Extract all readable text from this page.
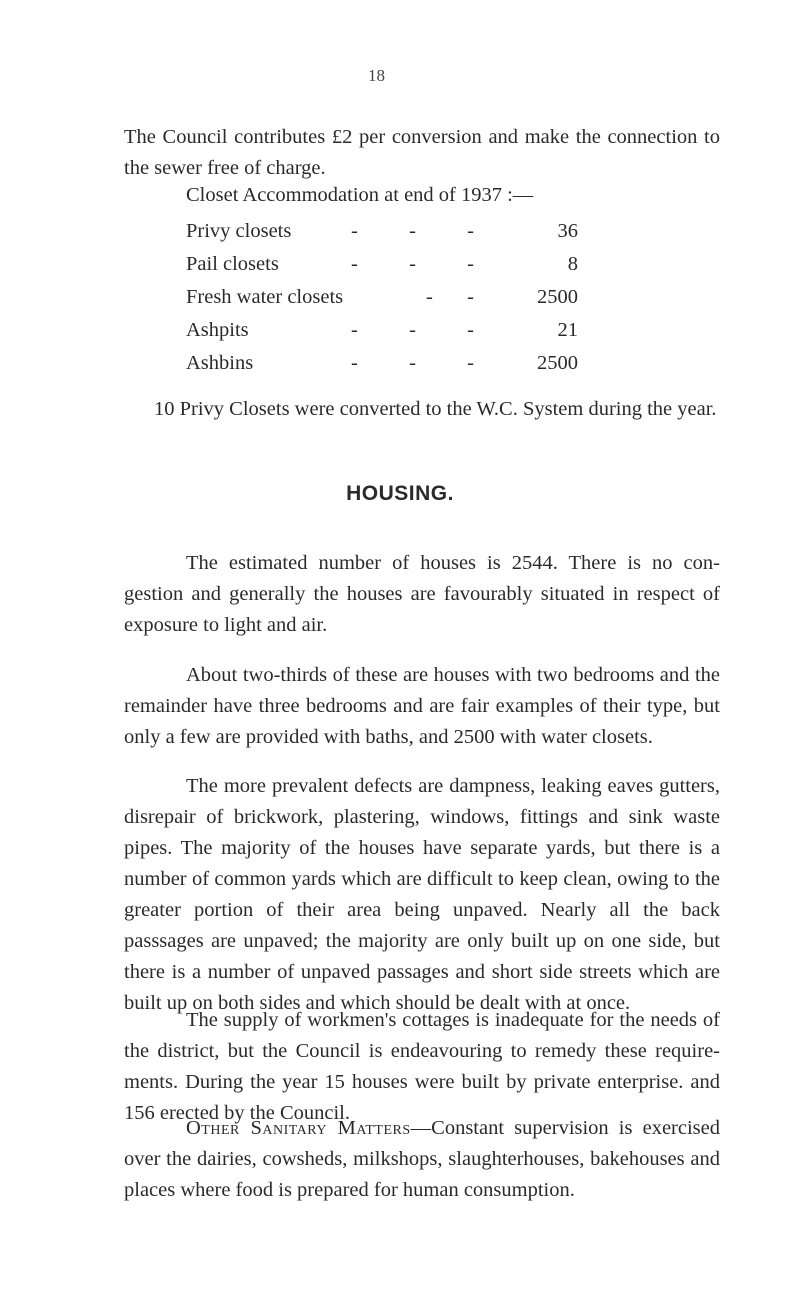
18

The Council contributes £2 per conversion and make the connection to the sewer free of charge.

Closet Accommodation at end of 1937 :—
Privy closets	-	-	-	36
Pail closets	-	-	-	8
Fresh water closets	- -	2500
Ashpits	-	-	-	21
Ashbins	-	-	-	2500

10 Privy Closets were converted to the W.C. System during the year.

HOUSING.

The estimated number of houses is 2544. There is no con- gestion and generally the houses are favourably situated in respect of exposure to light and air.

About two-thirds of these are houses with two bedrooms and the remainder have three bedrooms and are fair examples of their type, but only a few are provided with baths, and 2500 with water closets.

The more prevalent defects are dampness, leaking eaves gutters, disrepair of brickwork, plastering, windows, fittings and sink waste pipes. The majority of the houses have separate yards, but there is a number of common yards which are difficult to keep clean, owing to the greater portion of their area being unpaved. Nearly all the back passsages are unpaved; the majority are only built up on one side, but there is a number of unpaved passages and short side streets which are built up on both sides and which should be dealt with at once.

The supply of workmen's cottages is inadequate for the needs of the district, but the Council is endeavouring to remedy these require- ments. During the year 15 houses were built by private enterprise. and 156 erected by the Council.

Other Sanitary Matters—Constant supervision is exercised over the dairies, cowsheds, milkshops, slaughterhouses, bakehouses and places where food is prepared for human consumption.
